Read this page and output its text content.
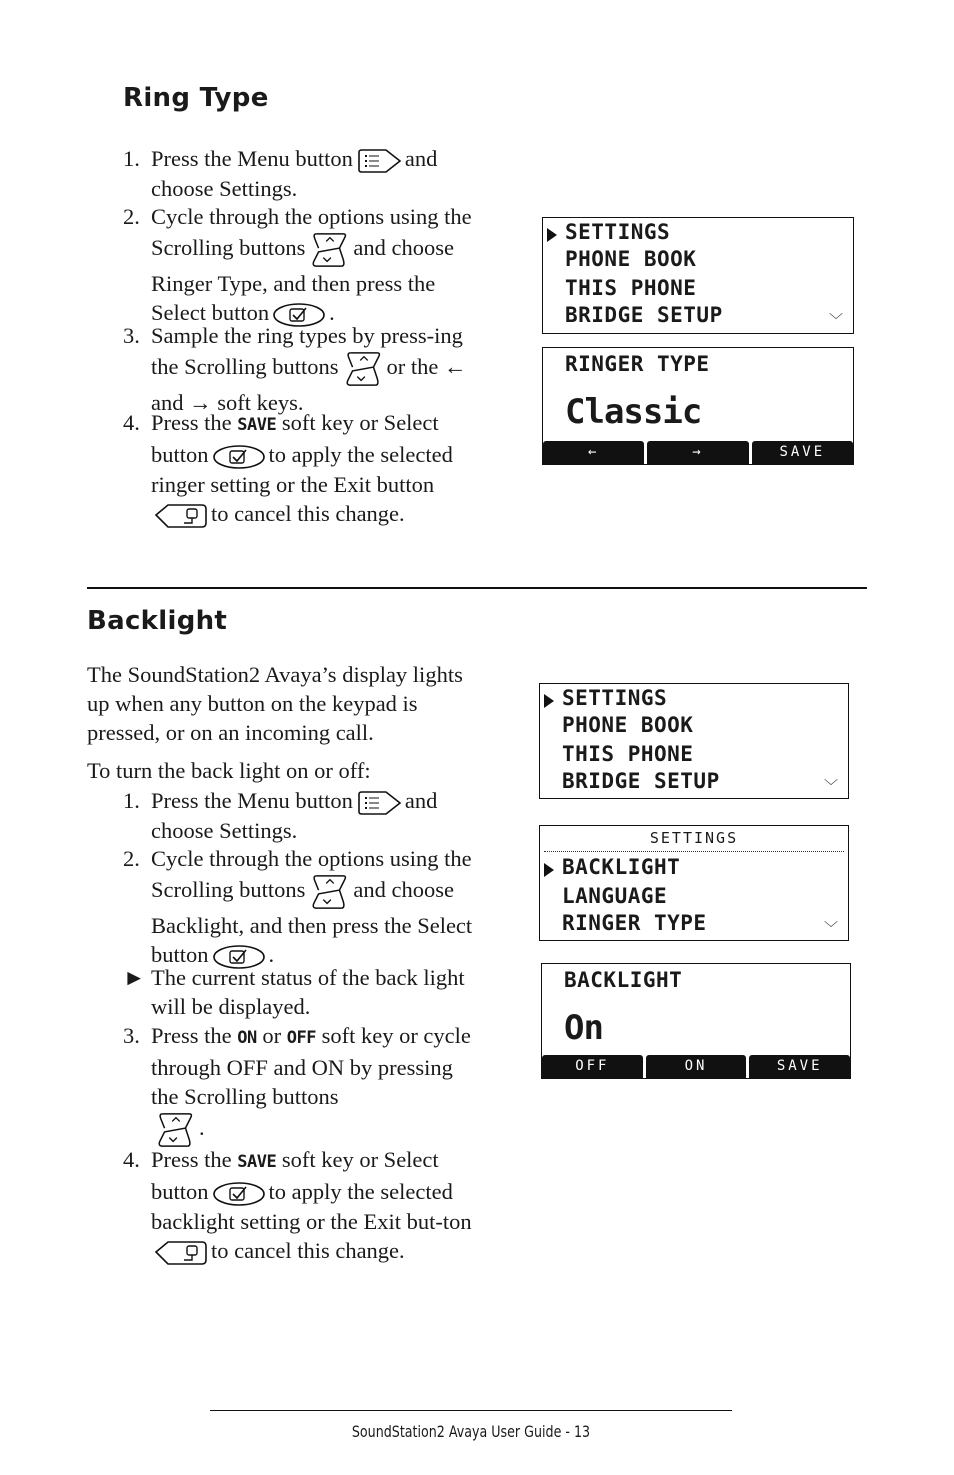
Ring Type
1. Press the Menu button and choose Settings.
2. Cycle through the options using the Scrolling buttons and choose Ringer Type, and then press the Select button	.
3. Sample the ring types by press-ing the Scrolling buttons or the ← and → soft keys.
4. Press the SAVE soft key or Select button	to apply the selected ringer setting or the Exit buttonto cancel this change.
SETTINGS
PHONE BOOK
THIS PHONE
BRIDGE SETUP	﹀
RINGER TYPE
Classic
←	→	SAVE
Backlight
The SoundStation2 Avaya’s display lights up when any button on the keypad is pressed, or on an incoming call.
To turn the back light on or off:
1. Press the Menu button and choose Settings.
2. Cycle through the options using the Scrolling buttons and choose Backlight, and then press the Select button	.
► The current status of the back light will be displayed.
3. Press the ON or OFF soft key or cycle through OFF and ON by pressing the Scrolling buttons
.
4. Press the SAVE soft key or Select button	to apply the selected backlight setting or the Exit but-tonto cancel this change.
SETTINGS
PHONE BOOK
THIS PHONE
BRIDGE SETUP	﹀
SETTINGS
BACKLIGHT
LANGUAGE
RINGER TYPE	﹀
BACKLIGHT
On
OFF	ON	SAVE
SoundStation2 Avaya User Guide - 13
